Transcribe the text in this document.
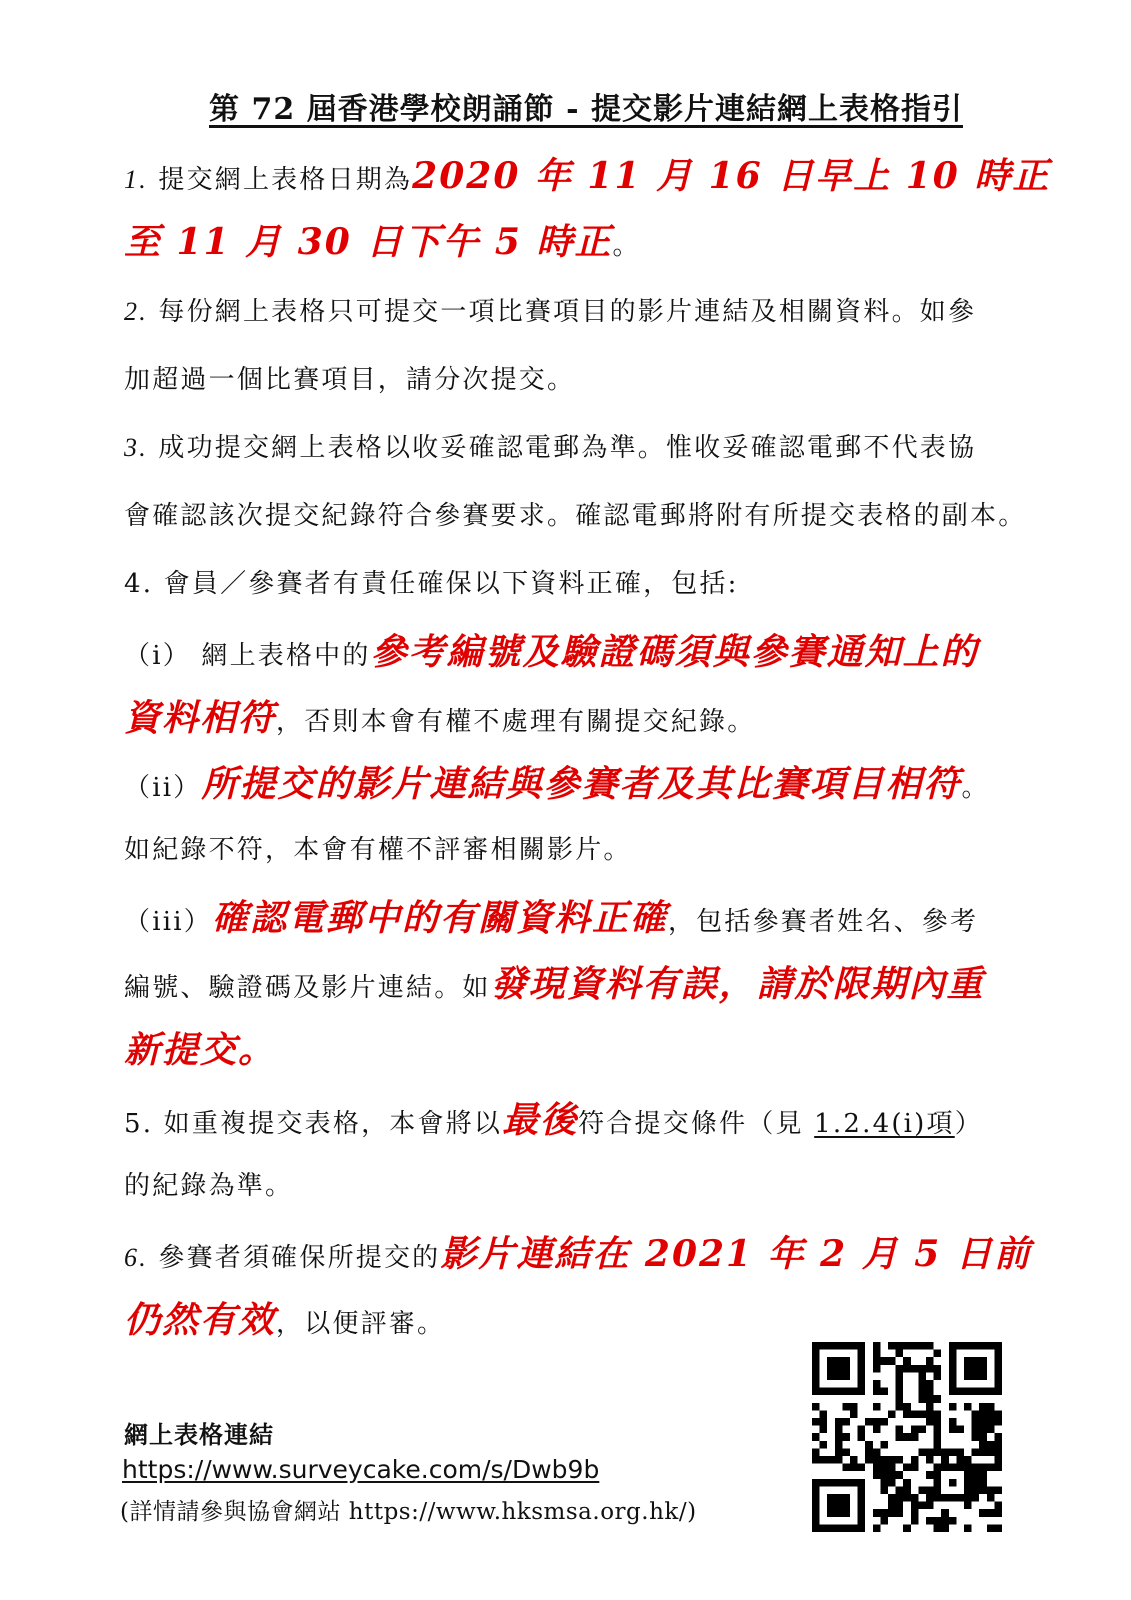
第 72 屆香港學校朗誦節 - 提交影片連結網上表格指引
1. 提交網上表格日期為2020 年 11 月 16 日早上 10 時正
至 11 月 30 日下午 5 時正。
2. 每份網上表格只可提交一項比賽項目的影片連結及相關資料。如參
加超過一個比賽項目，請分次提交。
3. 成功提交網上表格以收妥確認電郵為準。惟收妥確認電郵不代表協
會確認該次提交紀錄符合參賽要求。確認電郵將附有所提交表格的副本。
4. 會員／參賽者有責任確保以下資料正確，包括:
（i） 網上表格中的參考編號及驗證碼須與參賽通知上的
資料相符，否則本會有權不處理有關提交紀錄。
（ii）所提交的影片連結與參賽者及其比賽項目相符。
如紀錄不符，本會有權不評審相關影片。
（iii）確認電郵中的有關資料正確，包括參賽者姓名、參考
編號、驗證碼及影片連結。如發現資料有誤，請於限期內重
新提交。
5. 如重複提交表格，本會將以最後符合提交條件（見 1.2.4(i)項）
的紀錄為準。
6. 參賽者須確保所提交的影片連結在 2021 年 2 月 5 日前
仍然有效，以便評審。
網上表格連結
https://www.surveycake.com/s/Dwb9b
(詳情請參與協會網站 https://www.hksmsa.org.hk/)
